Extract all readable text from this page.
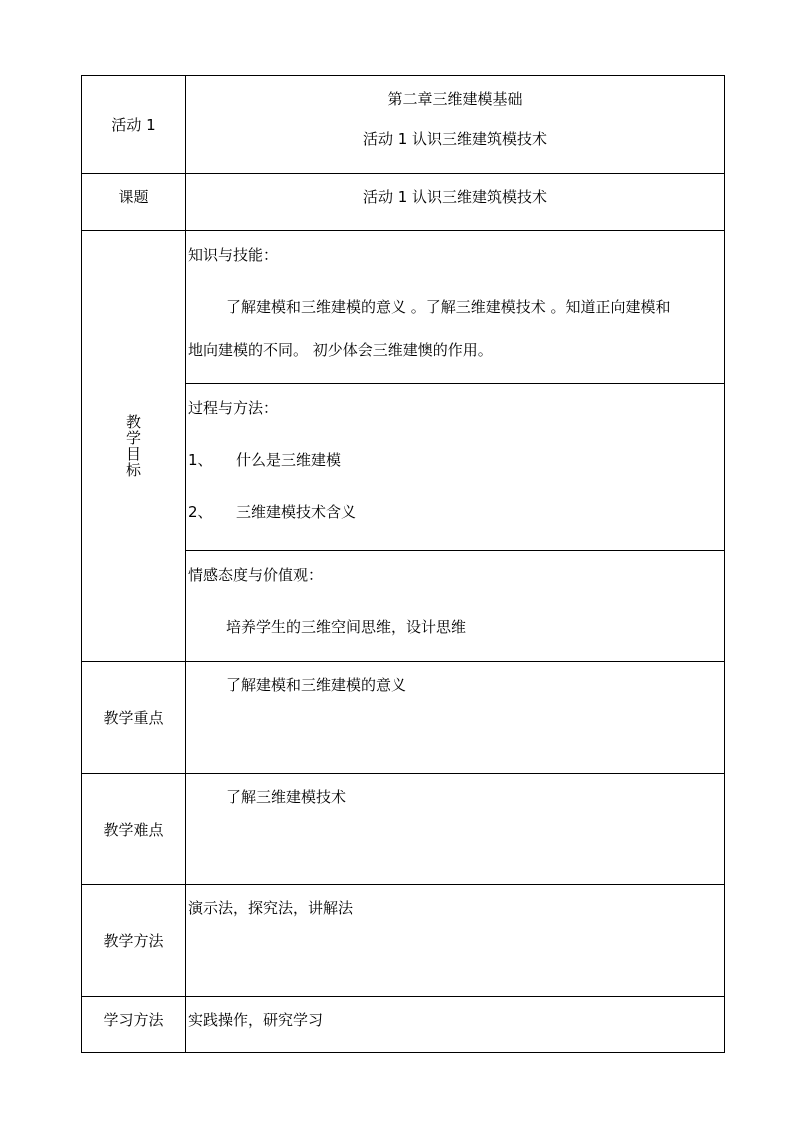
活动 1	第二章三维建模基础
活动 1 认识三维建筑模技术

课题	活动 1 认识三维建筑模技术

教
学
目
标	知识与技能：
了解建模和三维建模的意义 。了解三维建模技术 。知道正向建模和
地向建模的不同。 初少体会三维建懊的作用。

	过程与方法：
1、 什么是三维建模
2、 三维建模技术含义

	情感态度与价值观：
培养学生的三维空间思维，设计思维

教学重点	了解建模和三维建模的意义

教学难点	了解三维建模技术

教学方法	演示法，探究法，讲解法

学习方法	实践操作，研究学习
